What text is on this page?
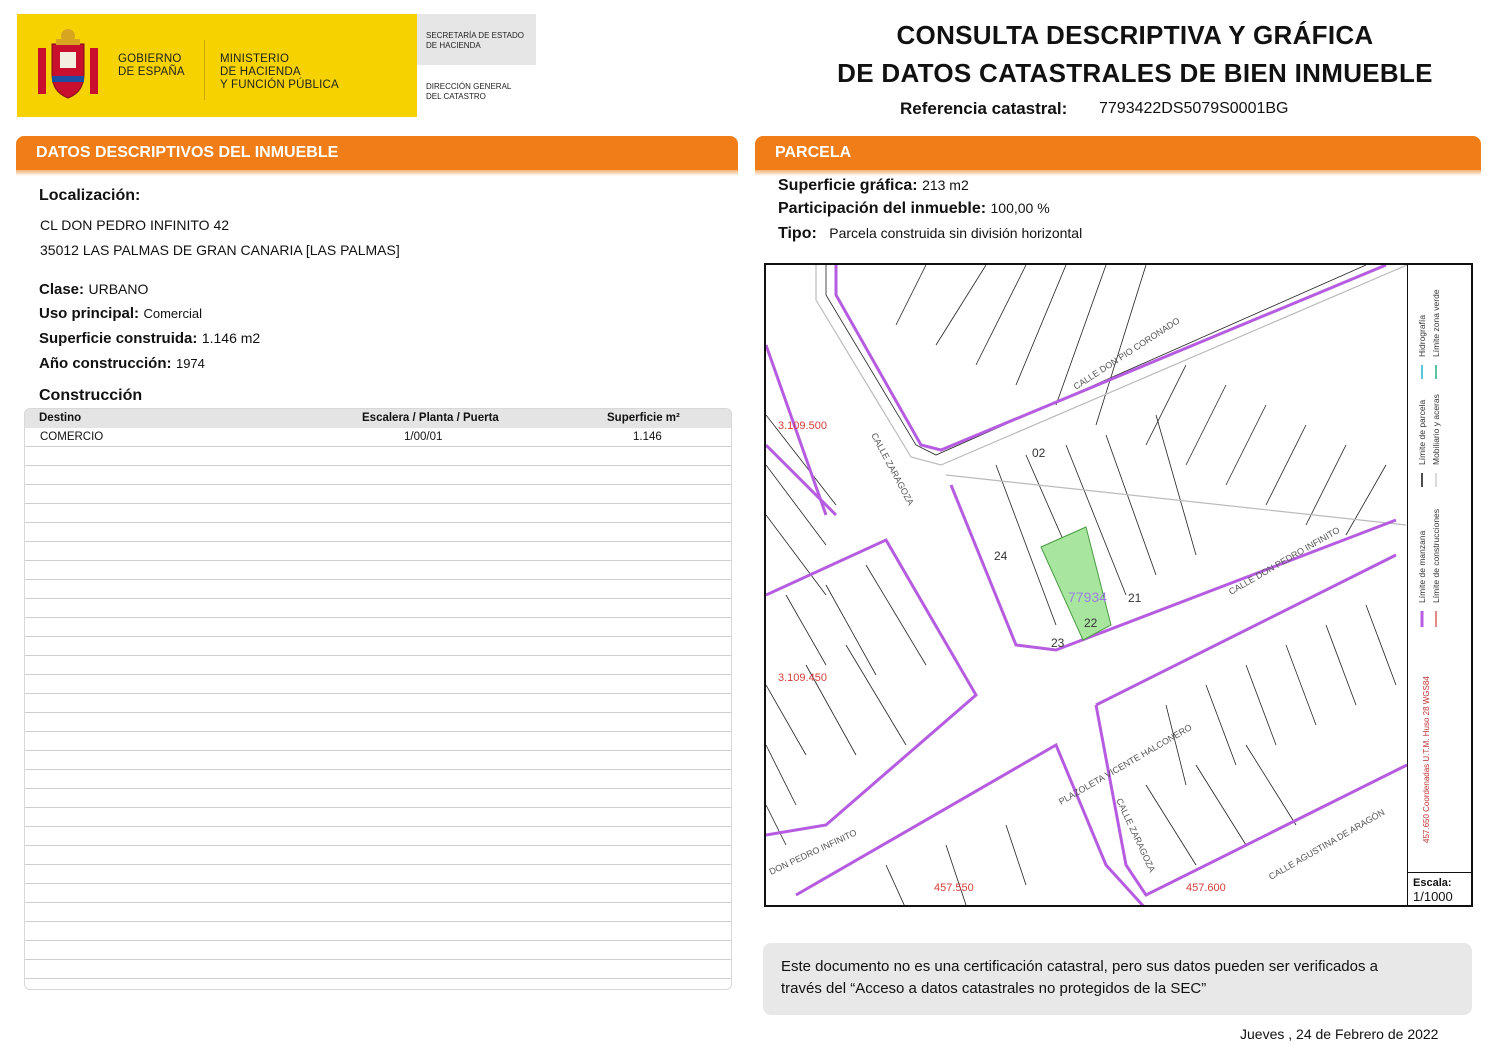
GOBIERNO
DE ESPAÑA
MINISTERIO
DE HACIENDA
Y FUNCIÓN PÚBLICA
SECRETARÍA DE ESTADO
DE HACIENDA
DIRECCIÓN GENERAL
DEL CATASTRO
CONSULTA DESCRIPTIVA Y GRÁFICA
DE DATOS CATASTRALES DE BIEN INMUEBLE
Referencia catastral: 7793422DS5079S0001BG
DATOS DESCRIPTIVOS DEL INMUEBLE
Localización:
CL DON PEDRO INFINITO 42
35012 LAS PALMAS DE GRAN CANARIA [LAS PALMAS]
Clase: URBANO
Uso principal: Comercial
Superficie construida: 1.146 m2
Año construcción: 1974
Construcción
Destino	Escalera / Planta / Puerta	Superficie m²
COMERCIO	1/00/01	1.146
PARCELA
Superficie gráfica: 213 m2
Participación del inmueble: 100,00 %
Tipo: Parcela construida sin división horizontal
CALLE DON PIO CORONADO
CALLE ZARAGOZA
CALLE DON PEDRO INFINITO
PLAZOLETA VICENTE HALCONERO
CALLE ZARAGOZA	CALLE AGUSTINA DE ARAGÓN
DON PEDRO INFINITO
3.109.500
3.109.450
457.550	457.600
77934
02
24
21
22
23
Límite de manzana
Límite de parcela
Límite de construcciones
Mobiliario y aceras
Límite zona verde
Hidrografía
457.650 Coordenadas U.T.M. Huso 28 WGS84
Escala:
1/1000
Este documento no es una certificación catastral, pero sus datos pueden ser verificados a
través del “Acceso a datos catastrales no protegidos de la SEC”
Jueves , 24 de Febrero de 2022
